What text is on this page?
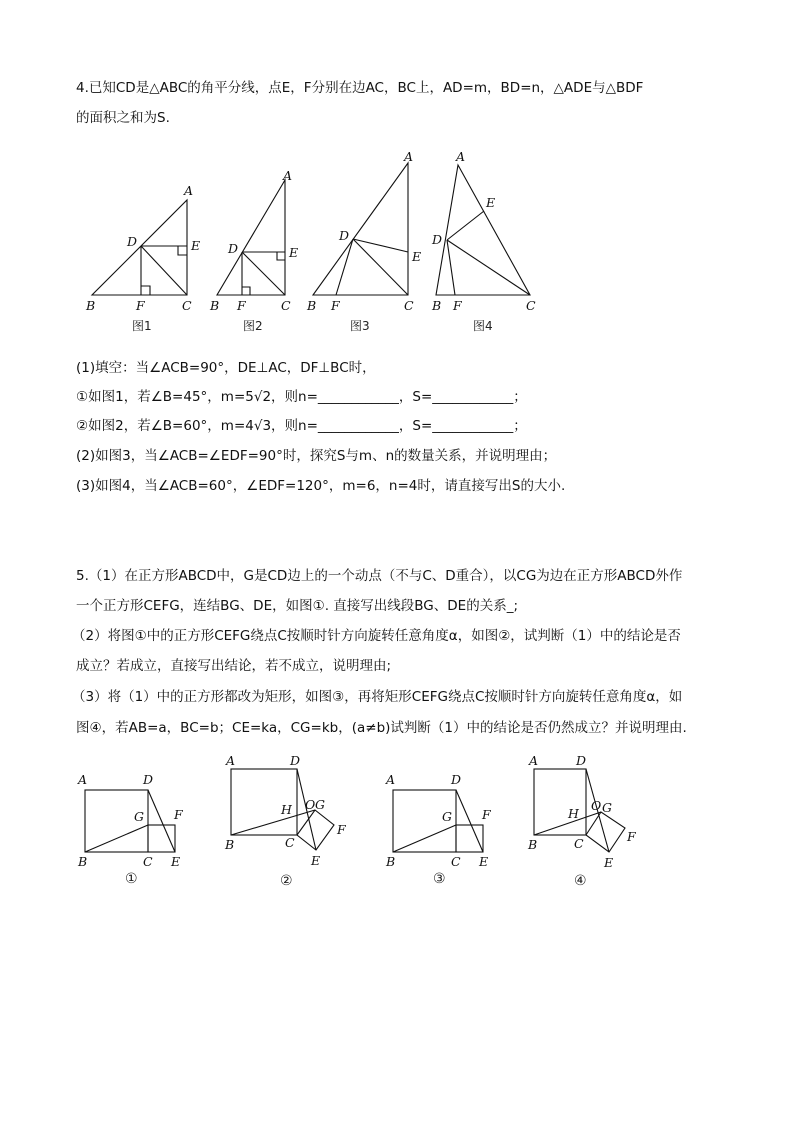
4.已知CD是△ABC的角平分线，点E，F分别在边AC，BC上，AD=m，BD=n，△ADE与△BDF
的面积之和为S.
A
B	C
D	E
F
图1
A
B	C
D	E
F
图2
A
B	C
D
E
F
图3
A
B	C
D
E
F
图4
(1)填空：当∠ACB=90°，DE⊥AC，DF⊥BC时，
①如图1，若∠B=45°，m=5√2，则n=____________，S=____________；
②如图2，若∠B=60°，m=4√3，则n=____________，S=____________；
(2)如图3，当∠ACB=∠EDF=90°时，探究S与m、n的数量关系，并说明理由；
(3)如图4，当∠ACB=60°，∠EDF=120°，m=6，n=4时，请直接写出S的大小.
5.（1）在正方形ABCD中，G是CD边上的一个动点（不与C、D重合），以CG为边在正方形ABCD外作
一个正方形CEFG，连结BG、DE，如图①. 直接写出线段BG、DE的关系_;
（2）将图①中的正方形CEFG绕点C按顺时针方向旋转任意角度α，如图②，试判断（1）中的结论是否
成立？若成立，直接写出结论，若不成立，说明理由;
（3）将（1）中的正方形都改为矩形，如图③，再将矩形CEFG绕点C按顺时针方向旋转任意角度α，如
图④，若AB=a，BC=b；CE=ka，CG=kb，(a≠b)试判断（1）中的结论是否仍然成立？并说明理由.
A	D
B	C E
G F
①
A	D
B	C
H O G
F
E
②
A	D
B	C E
G F
③
A	D
B	C
H
O G
F
E
④
